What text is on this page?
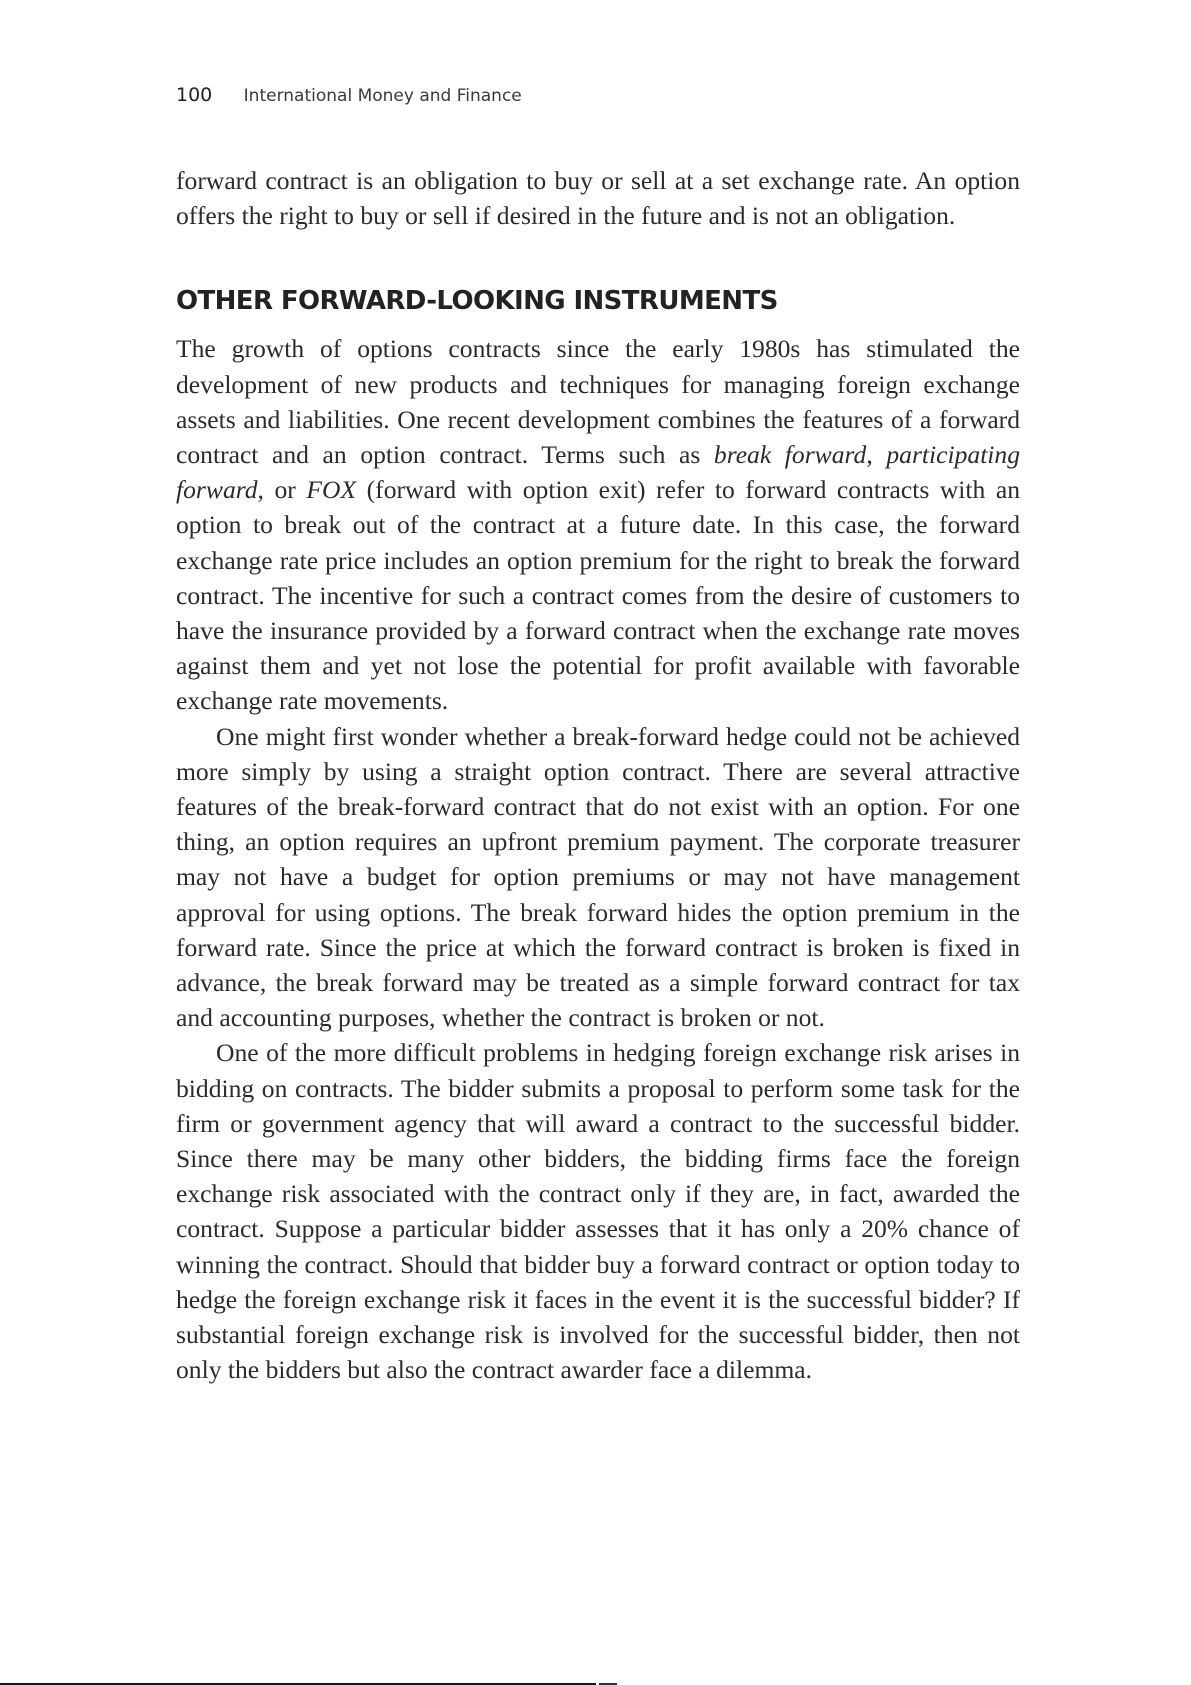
100 International Money and Finance

forward contract is an obligation to buy or sell at a set exchange rate. An option offers the right to buy or sell if desired in the future and is not an obligation.

OTHER FORWARD-LOOKING INSTRUMENTS

The growth of options contracts since the early 1980s has stimulated the development of new products and techniques for managing foreign exchange assets and liabilities. One recent development combines the features of a forward contract and an option contract. Terms such as break forward, participating forward, or FOX (forward with option exit) refer to forward contracts with an option to break out of the contract at a future date. In this case, the forward exchange rate price includes an option premium for the right to break the forward contract. The incentive for such a contract comes from the desire of customers to have the insurance provided by a forward contract when the exchange rate moves against them and yet not lose the potential for profit available with favorable exchange rate movements.

One might first wonder whether a break-forward hedge could not be achieved more simply by using a straight option contract. There are several attractive features of the break-forward contract that do not exist with an option. For one thing, an option requires an upfront premium payment. The corporate treasurer may not have a budget for option premiums or may not have management approval for using options. The break forward hides the option premium in the forward rate. Since the price at which the forward contract is broken is fixed in advance, the break forward may be treated as a simple forward contract for tax and accounting purposes, whether the contract is broken or not.

One of the more difficult problems in hedging foreign exchange risk arises in bidding on contracts. The bidder submits a proposal to perform some task for the firm or government agency that will award a contract to the successful bidder. Since there may be many other bidders, the bidding firms face the foreign exchange risk associated with the contract only if they are, in fact, awarded the contract. Suppose a particular bidder assesses that it has only a 20% chance of winning the contract. Should that bidder buy a forward contract or option today to hedge the foreign exchange risk it faces in the event it is the successful bidder? If substantial foreign exchange risk is involved for the successful bidder, then not only the bidders but also the contract awarder face a dilemma.
